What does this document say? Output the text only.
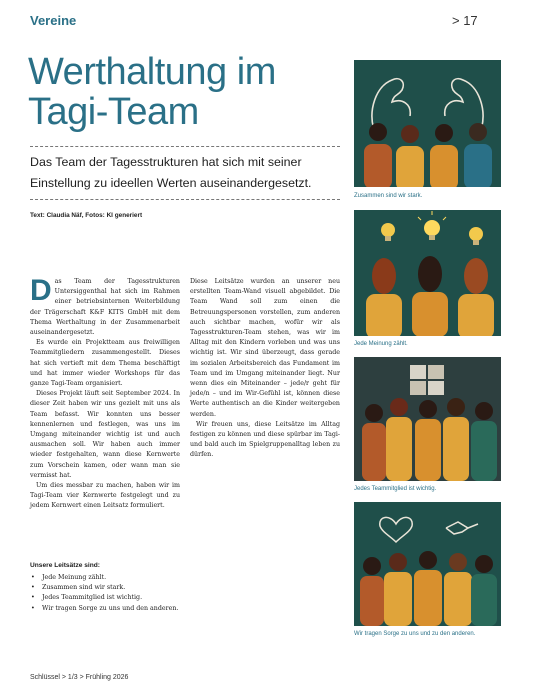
Vereine	> 17
Werthaltung im
Tagi-Team

Das Team der Tagesstrukturen hat sich mit seiner Einstellung zu ideellen Werten auseinandergesetzt.

Text: Claudia Näf, Fotos: KI generiert

Das Team der Tagesstrukturen Untersiggenthal hat sich im Rahmen einer betriebsinternen Weiterbildung der Trägerschaft K&F KITS GmbH mit dem Thema Werthaltung in der Zusammenarbeit auseinandergesetzt.

Es wurde ein Projektteam aus freiwilligen Teammitgliedern zusammengestellt. Dieses hat sich vertieft mit dem Thema beschäftigt und hat immer wieder Workshops für das ganze Tagi-Team organisiert.

Dieses Projekt läuft seit September 2024. In dieser Zeit haben wir uns gezielt mit uns als Team befasst. Wir konnten uns besser kennenlernen und festlegen, was uns im Umgang miteinander wichtig ist und auch ausmachen soll. Wir haben auch immer wieder festgehalten, wann diese Kernwerte zum Vorschein kamen, oder wann man sie vermisst hat.

Um dies messbar zu machen, haben wir im Tagi-Team vier Kernwerte festgelegt und zu jedem Kernwert einen Leitsatz formuliert.

Diese Leitsätze wurden an unserer neu erstellten Team-Wand visuell abgebildet. Die Team Wand soll zum einen die Betreuungspersonen vorstellen, zum anderen auch sichtbar machen, wofür wir als Tagesstrukturen-Team stehen, was wir im Alltag mit den Kindern vorleben und was uns wichtig ist. Wir sind überzeugt, dass gerade im sozialen Arbeitsbereich das Fundament im Team und im Umgang miteinander liegt. Nur wenn dies ein Miteinander – jede/r geht für jede/n – und im Wir-Gefühl ist, können diese Werte authentisch an die Kinder weitergeben werden.

Wir freuen uns, diese Leitsätze im Alltag festigen zu können und diese spürbar im Tagi- und bald auch im Spielgruppenalltag leben zu dürfen.

Unsere Leitsätze sind:
• Jede Meinung zählt.
• Zusammen sind wir stark.
• Jedes Teammitglied ist wichtig.
• Wir tragen Sorge zu uns und den anderen.
Zusammen sind wir stark.
Jede Meinung zählt.
Jedes Teammitglied ist wichtig.
Wir tragen Sorge zu uns und zu den anderen.
Schlüssel > 1/3 > Frühling 2026
